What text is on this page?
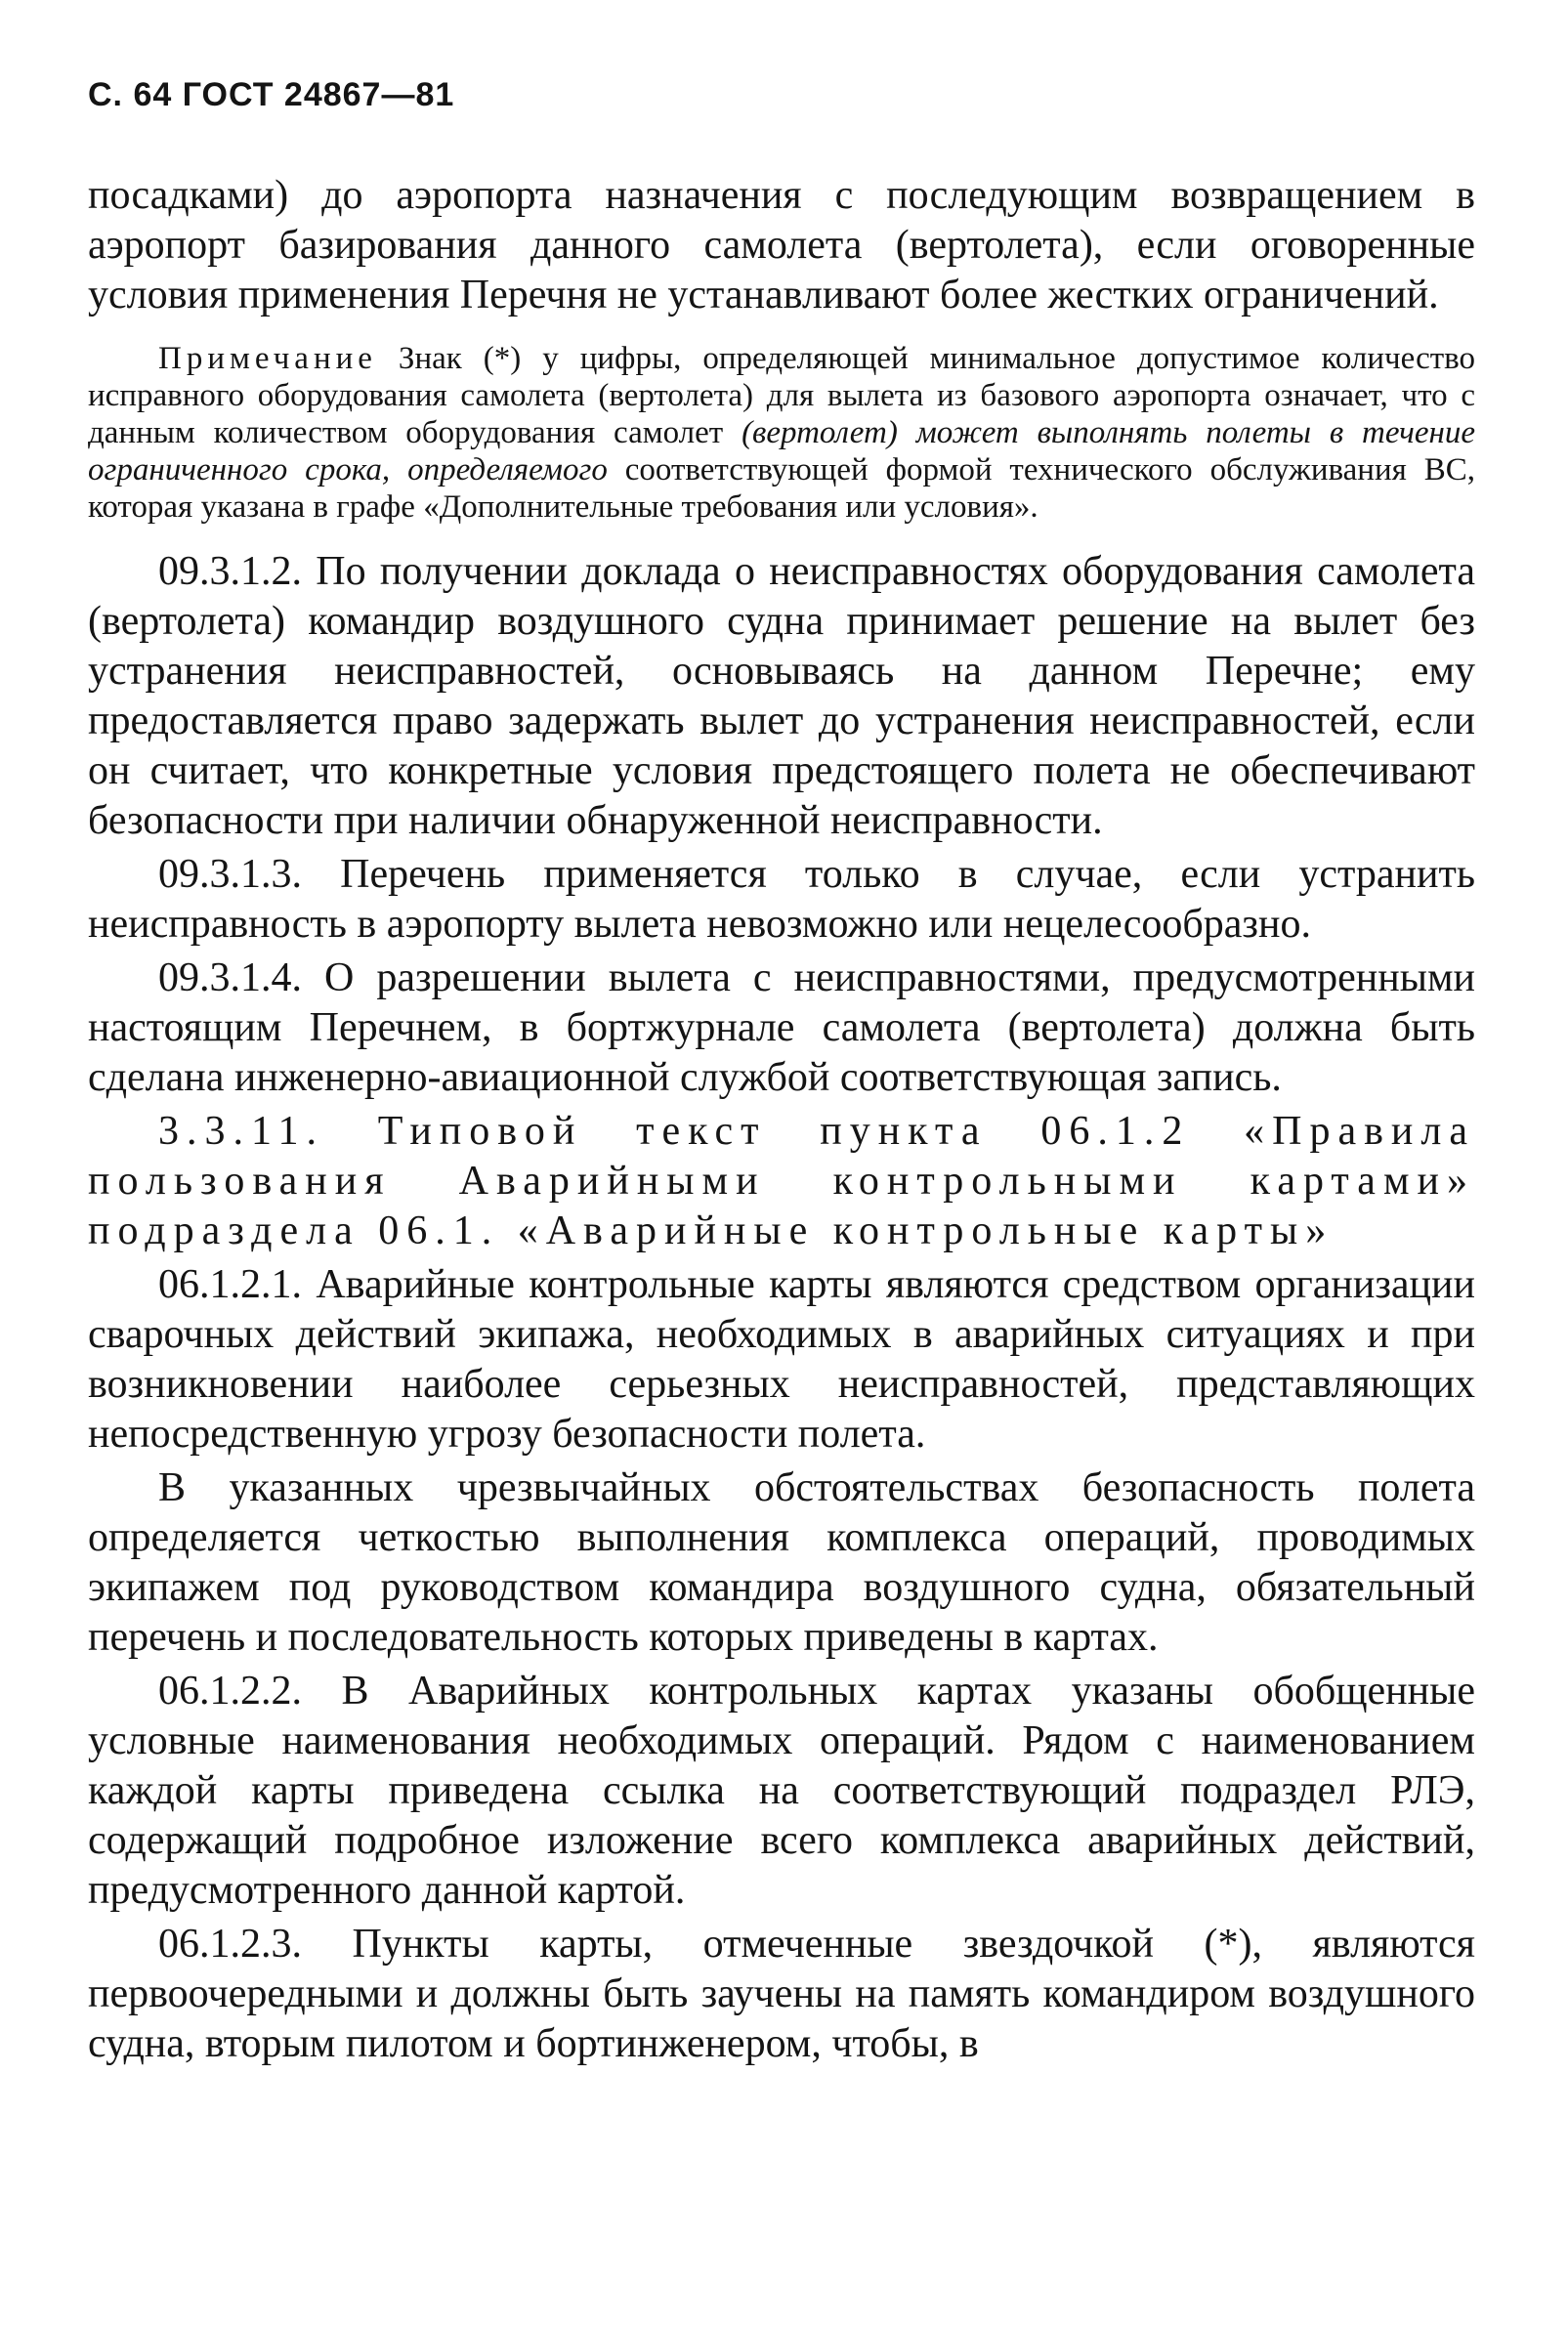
С. 64 ГОСТ 24867—81

посадками) до аэропорта назначения с последующим возвращением в аэропорт базирования данного самолета (вертолета), если оговоренные условия применения Перечня не устанавливают более жестких ограничений.

Примечание Знак (*) у цифры, определяющей минимальное допустимое количество исправного оборудования самолета (вертолета) для вылета из базового аэропорта означает, что с данным количеством оборудования самолет (вертолет) может выполнять полеты в течение ограниченного срока, определяемого соответствующей формой технического обслуживания ВС, которая указана в графе «Дополнительные требования или условия».

09.3.1.2. По получении доклада о неисправностях оборудования самолета (вертолета) командир воздушного судна принимает решение на вылет без устранения неисправностей, основываясь на данном Перечне; ему предоставляется право задержать вылет до устранения неисправностей, если он считает, что конкретные условия предстоящего полета не обеспечивают безопасности при наличии обнаруженной неисправности.

09.3.1.3. Перечень применяется только в случае, если устранить неисправность в аэропорту вылета невозможно или нецелесообразно.

09.3.1.4. О разрешении вылета с неисправностями, предусмотренными настоящим Перечнем, в бортжурнале самолета (вертолета) должна быть сделана инженерно-авиационной службой соответствующая запись.

3.3.11. Типовой текст пункта 06.1.2 «Правила пользования Аварийными контрольными картами» подраздела 06.1. «Аварийные контрольные карты»

06.1.2.1. Аварийные контрольные карты являются средством организации сварочных действий экипажа, необходимых в аварийных ситуациях и при возникновении наиболее серьезных неисправностей, представляющих непосредственную угрозу безопасности полета.

В указанных чрезвычайных обстоятельствах безопасность полета определяется четкостью выполнения комплекса операций, проводимых экипажем под руководством командира воздушного судна, обязательный перечень и последовательность которых приведены в картах.

06.1.2.2. В Аварийных контрольных картах указаны обобщенные условные наименования необходимых операций. Рядом с наименованием каждой карты приведена ссылка на соответствующий подраздел РЛЭ, содержащий подробное изложение всего комплекса аварийных действий, предусмотренного данной картой.

06.1.2.3. Пункты карты, отмеченные звездочкой (*), являются первоочередными и должны быть заучены на память командиром воздушного судна, вторым пилотом и бортинженером, чтобы, в
